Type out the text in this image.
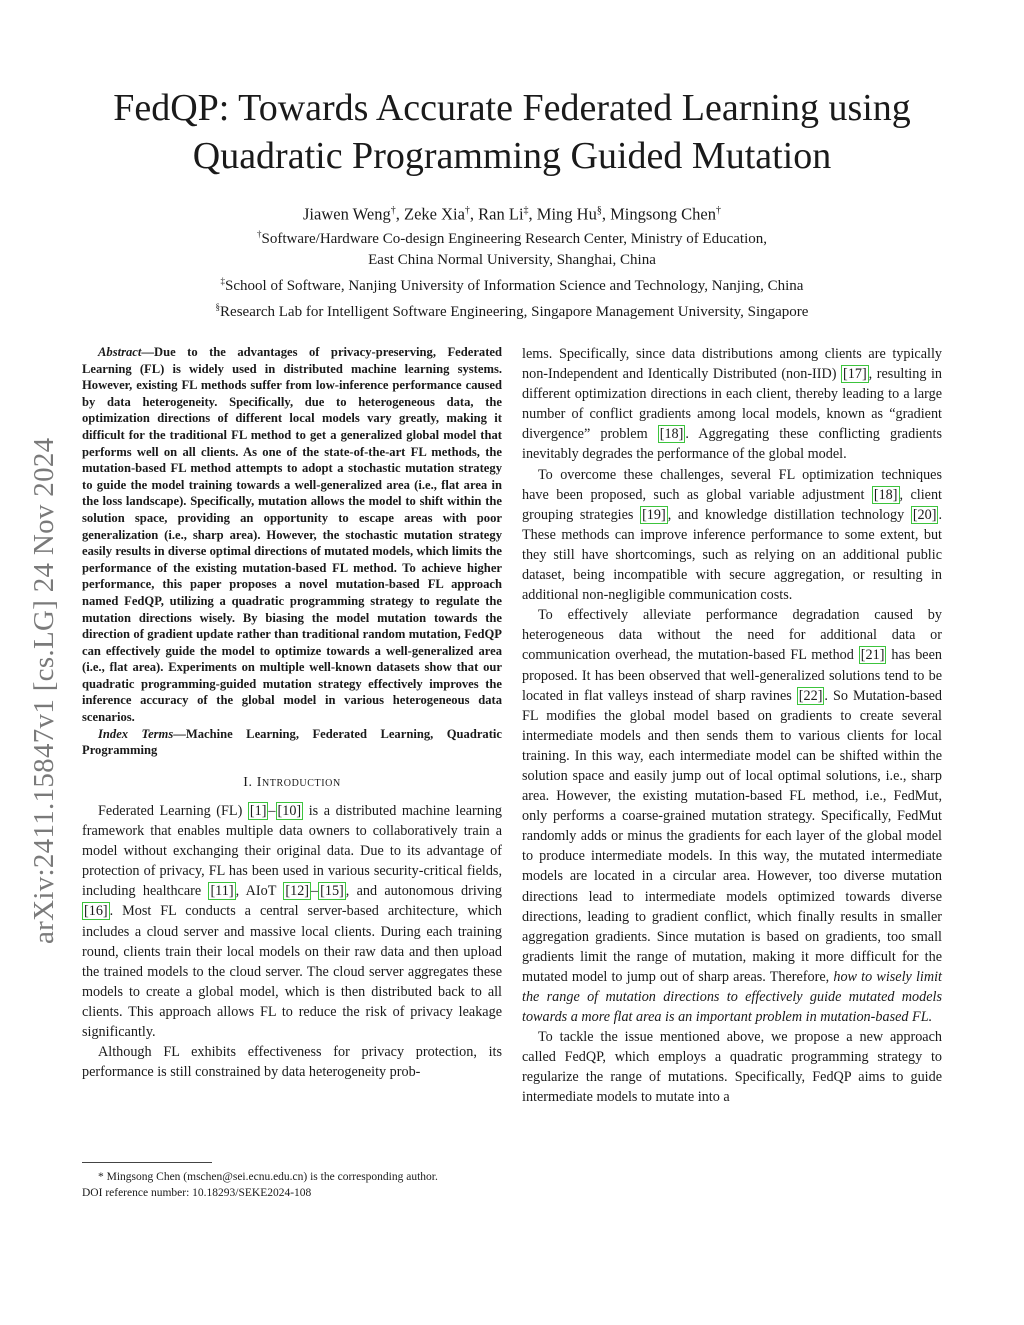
FedQP: Towards Accurate Federated Learning using
Quadratic Programming Guided Mutation
Jiawen Weng†, Zeke Xia†, Ran Li‡, Ming Hu§, Mingsong Chen†
†Software/Hardware Co-design Engineering Research Center, Ministry of Education,
East China Normal University, Shanghai, China
‡School of Software, Nanjing University of Information Science and Technology, Nanjing, China
§Research Lab for Intelligent Software Engineering, Singapore Management University, Singapore
arXiv:2411.15847v1 [cs.LG] 24 Nov 2024

Abstract—Due to the advantages of privacy-preserving, Federated Learning (FL) is widely used in distributed machine learning systems. However, existing FL methods suffer from low-inference performance caused by data heterogeneity. Specifically, due to heterogeneous data, the optimization directions of different local models vary greatly, making it difficult for the traditional FL method to get a generalized global model that performs well on all clients. As one of the state-of-the-art FL methods, the mutation-based FL method attempts to adopt a stochastic mutation strategy to guide the model training towards a well-generalized area (i.e., flat area in the loss landscape). Specifically, mutation allows the model to shift within the solution space, providing an opportunity to escape areas with poor generalization (i.e., sharp area). However, the stochastic mutation strategy easily results in diverse optimal directions of mutated models, which limits the performance of the existing mutation-based FL method. To achieve higher performance, this paper proposes a novel mutation-based FL approach named FedQP, utilizing a quadratic programming strategy to regulate the mutation directions wisely. By biasing the model mutation towards the direction of gradient update rather than traditional random mutation, FedQP can effectively guide the model to optimize towards a well-generalized area (i.e., flat area). Experiments on multiple well-known datasets show that our quadratic programming-guided mutation strategy effectively improves the inference accuracy of the global model in various heterogeneous data scenarios.

Index Terms—Machine Learning, Federated Learning, Quadratic Programming

I. Introduction

Federated Learning (FL) [1] – [10] is a distributed machine learning framework that enables multiple data owners to collaboratively train a model without exchanging their original data. Due to its advantage of protection of privacy, FL has been used in various security-critical fields, including healthcare [11] , AIoT [12] – [15] , and autonomous driving [16] . Most FL conducts a central server-based architecture, which includes a cloud server and massive local clients. During each training round, clients train their local models on their raw data and then upload the trained models to the cloud server. The cloud server aggregates these models to create a global model, which is then distributed back to all clients. This approach allows FL to reduce the risk of privacy leakage significantly.

Although FL exhibits effectiveness for privacy protection, its performance is still constrained by data heterogeneity prob-

* Mingsong Chen (mschen@sei.ecnu.edu.cn) is the corresponding author.
DOI reference number: 10.18293/SEKE2024-108

lems. Specifically, since data distributions among clients are typically non-Independent and Identically Distributed (non-IID) [17] , resulting in different optimization directions in each client, thereby leading to a large number of conflict gradients among local models, known as “gradient divergence” problem [18] . Aggregating these conflicting gradients inevitably degrades the performance of the global model.

To overcome these challenges, several FL optimization techniques have been proposed, such as global variable adjustment [18] , client grouping strategies [19] , and knowledge distillation technology [20] . These methods can improve inference performance to some extent, but they still have shortcomings, such as relying on an additional public dataset, being incompatible with secure aggregation, or resulting in additional non-negligible communication costs.

To effectively alleviate performance degradation caused by heterogeneous data without the need for additional data or communication overhead, the mutation-based FL method [21] has been proposed. It has been observed that well-generalized solutions tend to be located in flat valleys instead of sharp ravines [22] . So Mutation-based FL modifies the global model based on gradients to create several intermediate models and then sends them to various clients for local training. In this way, each intermediate model can be shifted within the solution space and easily jump out of local optimal solutions, i.e., sharp area. However, the existing mutation-based FL method, i.e., FedMut, only performs a coarse-grained mutation strategy. Specifically, FedMut randomly adds or minus the gradients for each layer of the global model to produce intermediate models. In this way, the mutated intermediate models are located in a circular area. However, too diverse mutation directions lead to intermediate models optimized towards diverse directions, leading to gradient conflict, which finally results in smaller aggregation gradients. Since mutation is based on gradients, too small gradients limit the range of mutation, making it more difficult for the mutated model to jump out of sharp areas. Therefore, how to wisely limit the range of mutation directions to effectively guide mutated models towards a more flat area is an important problem in mutation-based FL.

To tackle the issue mentioned above, we propose a new approach called FedQP, which employs a quadratic programming strategy to regularize the range of mutations. Specifically, FedQP aims to guide intermediate models to mutate into a
